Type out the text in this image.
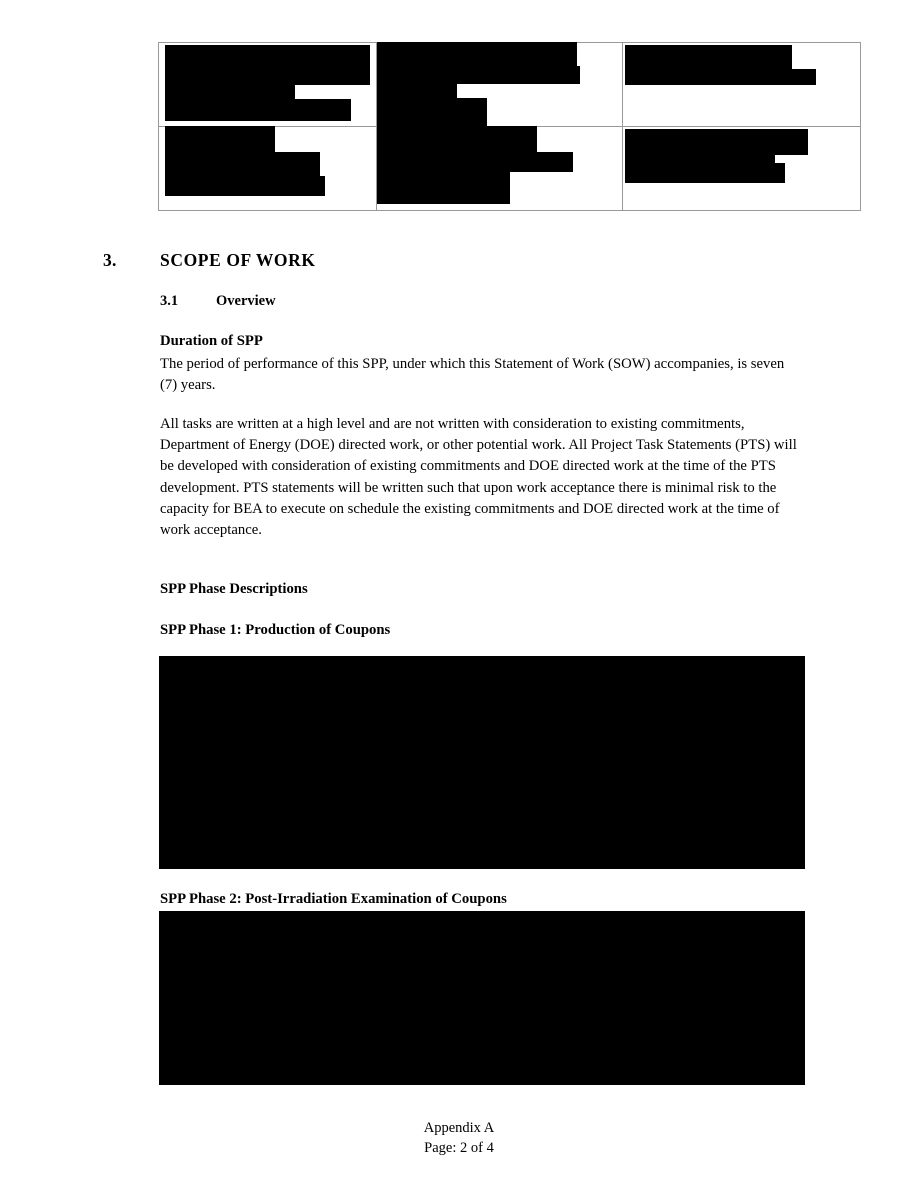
3. SCOPE OF WORK
3.1	Overview
Duration of SPP
The period of performance of this SPP, under which this Statement of Work (SOW) accompanies, is seven (7) years.
All tasks are written at a high level and are not written with consideration to existing commitments, Department of Energy (DOE) directed work, or other potential work. All Project Task Statements (PTS) will be developed with consideration of existing commitments and DOE directed work at the time of the PTS development. PTS statements will be written such that upon work acceptance there is minimal risk to the capacity for BEA to execute on schedule the existing commitments and DOE directed work at the time of work acceptance.
SPP Phase Descriptions
SPP Phase 1: Production of Coupons
SPP Phase 2: Post-Irradiation Examination of Coupons
Appendix A
Page: 2 of 4
